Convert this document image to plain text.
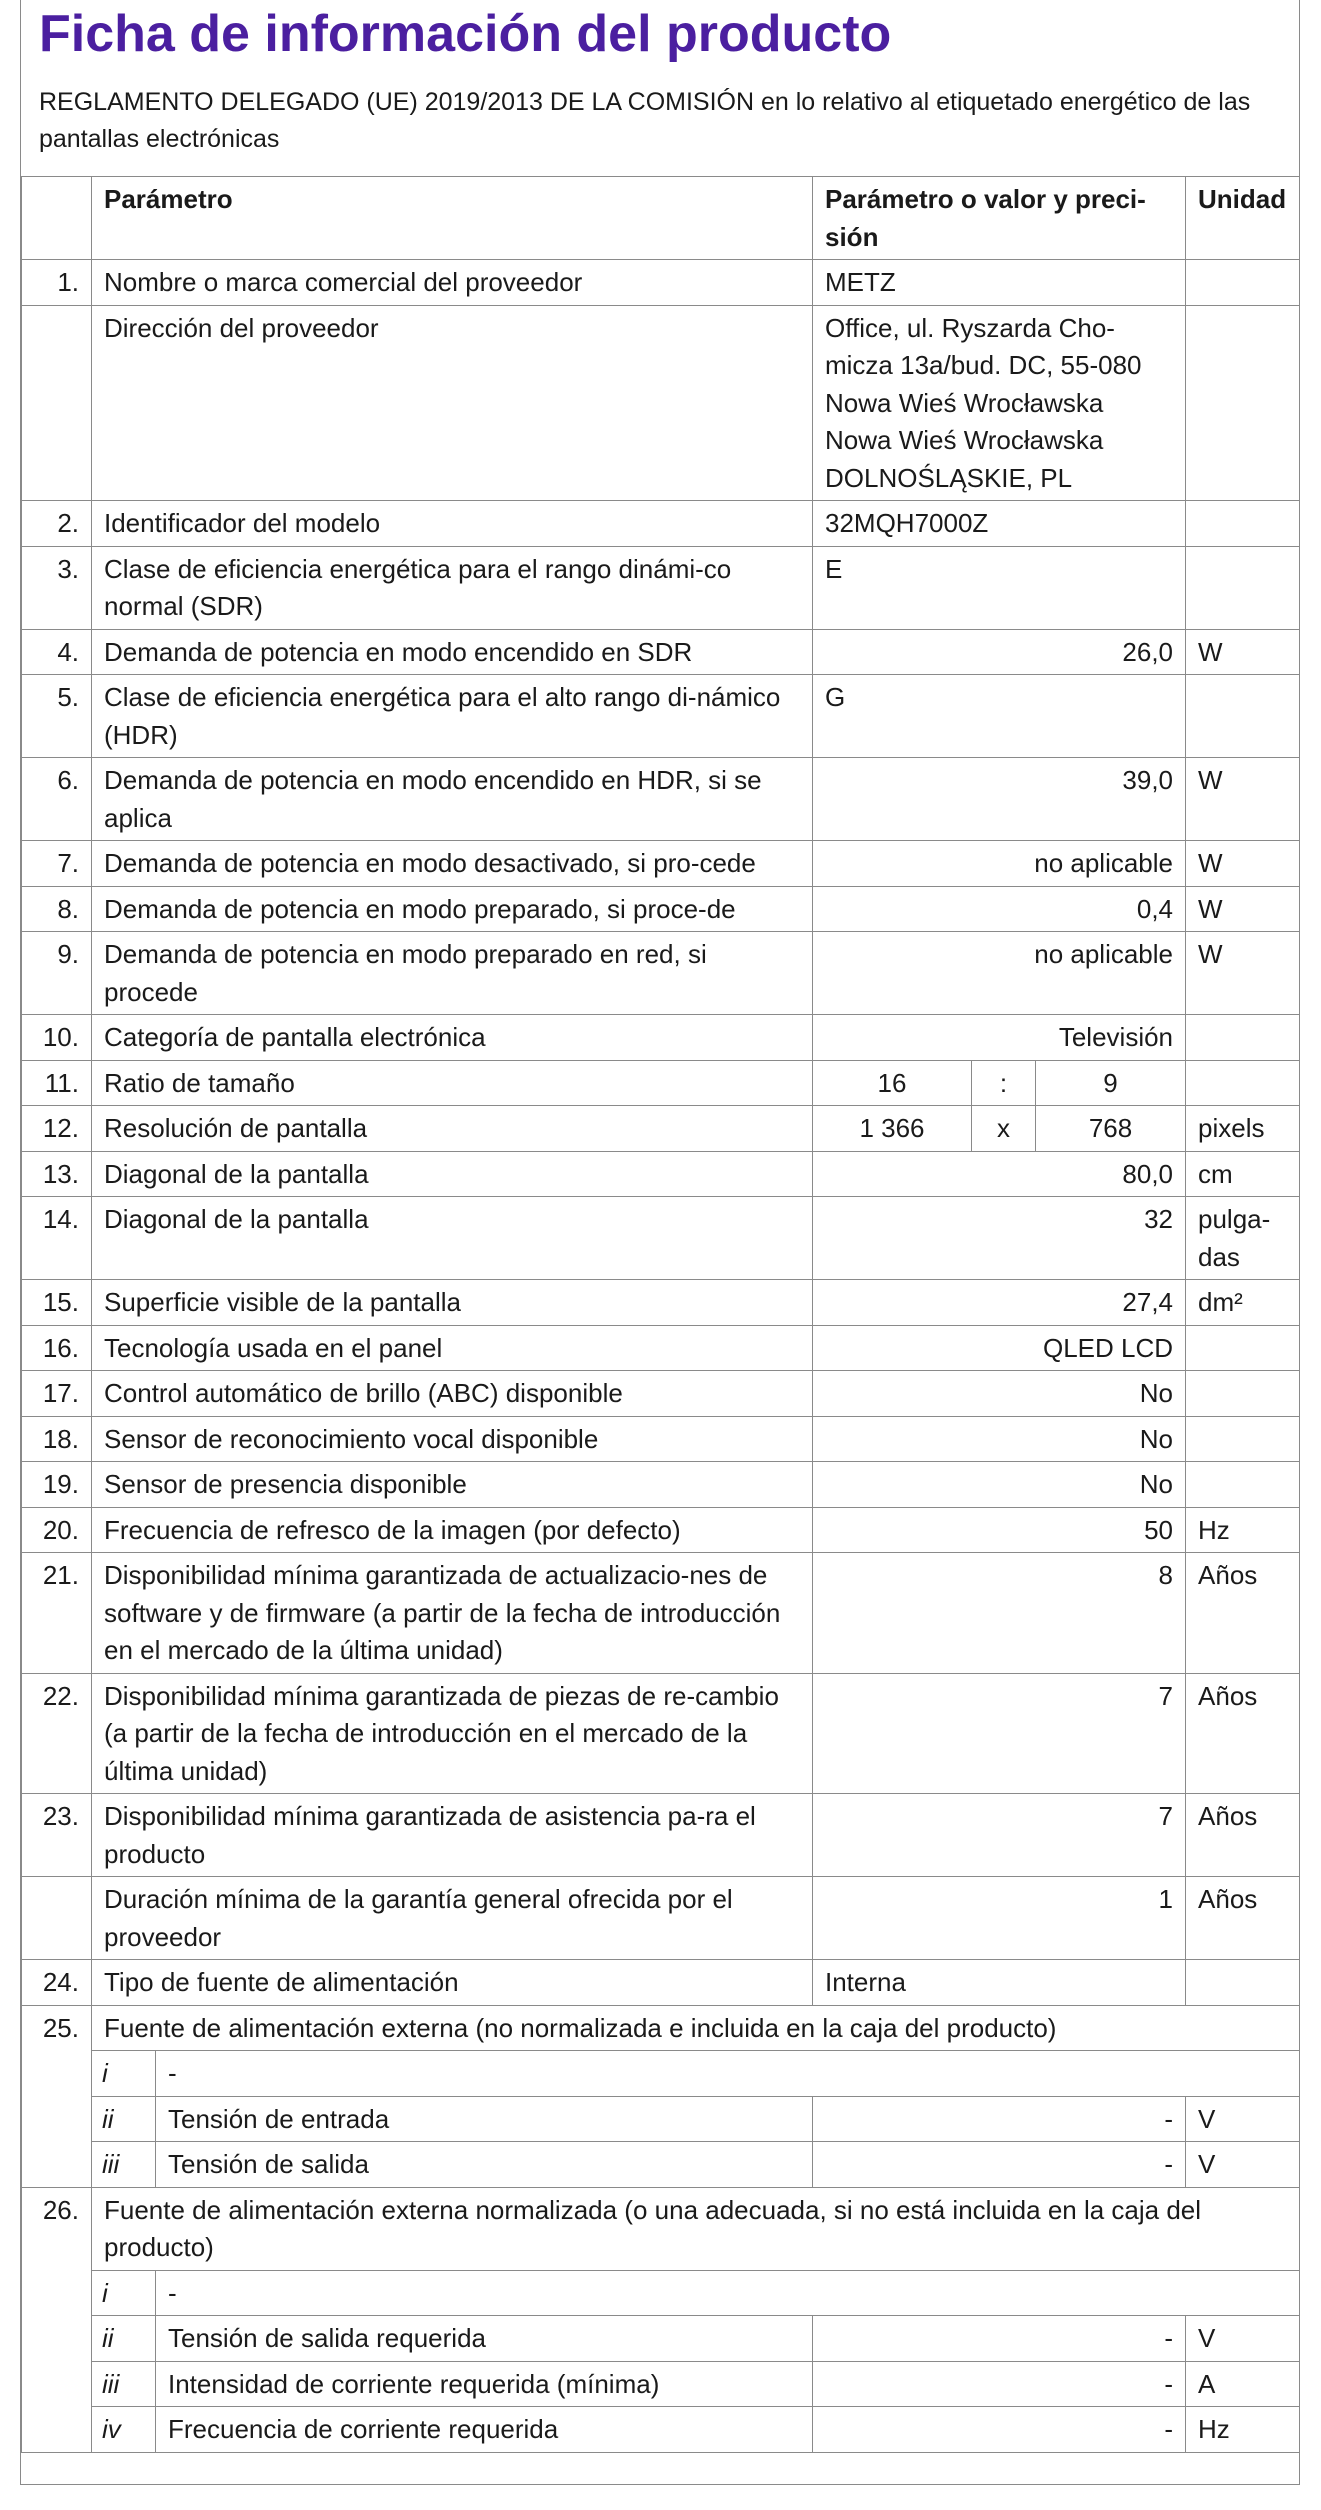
Ficha de información del producto
REGLAMENTO DELEGADO (UE) 2019/2013 DE LA COMISIÓN en lo relativo al etiquetado energético de las pantallas electrónicas
	Parámetro		Parámetro o valor y preci-sión			Unidad
1.	Nombre o marca comercial del proveedor		METZ			
	Dirección del proveedor		Office, ul. Ryszarda Cho-micza 13a/bud. DC, 55-080 Nowa Wieś Wrocławska Nowa Wieś Wrocławska DOLNOŚLĄSKIE, PL			
2.	Identificador del modelo		32MQH7000Z			
3.	Clase de eficiencia energética para el rango dinámi-co normal (SDR)		E			
4.	Demanda de potencia en modo encendido en SDR		26,0			W
5.	Clase de eficiencia energética para el alto rango di-námico (HDR)		G			
6.	Demanda de potencia en modo encendido en HDR, si se aplica		39,0			W
7.	Demanda de potencia en modo desactivado, si pro-cede		no aplicable			W
8.	Demanda de potencia en modo preparado, si proce-de		0,4			W
9.	Demanda de potencia en modo preparado en red, si procede		no aplicable			W
10.	Categoría de pantalla electrónica		Televisión			
11.	Ratio de tamaño		16	:	9	
12.	Resolución de pantalla		1 366	x	768	pixels
13.	Diagonal de la pantalla		80,0			cm
14.	Diagonal de la pantalla		32			pulga-das
15.	Superficie visible de la pantalla		27,4			dm²
16.	Tecnología usada en el panel		QLED LCD			
17.	Control automático de brillo (ABC) disponible		No			
18.	Sensor de reconocimiento vocal disponible		No			
19.	Sensor de presencia disponible		No			
20.	Frecuencia de refresco de la imagen (por defecto)		50			Hz
21.	Disponibilidad mínima garantizada de actualizacio-nes de software y de firmware (a partir de la fecha de introducción en el mercado de la última unidad)		8			Años
22.	Disponibilidad mínima garantizada de piezas de re-cambio (a partir de la fecha de introducción en el mercado de la última unidad)		7			Años
23.	Disponibilidad mínima garantizada de asistencia pa-ra el producto		7			Años
	Duración mínima de la garantía general ofrecida por el proveedor		1			Años
24.	Tipo de fuente de alimentación		Interna			
25.	Fuente de alimentación externa (no normalizada e incluida en la caja del producto)					
	i	-				
	ii	Tensión de entrada	-			V
	iii	Tensión de salida	-			V
26.	Fuente de alimentación externa normalizada (o una adecuada, si no está incluida en la caja del producto)					
	i	-				
	ii	Tensión de salida requerida	-			V
	iii	Intensidad de corriente requerida (mínima)	-			A
	iv	Frecuencia de corriente requerida	-			Hz
